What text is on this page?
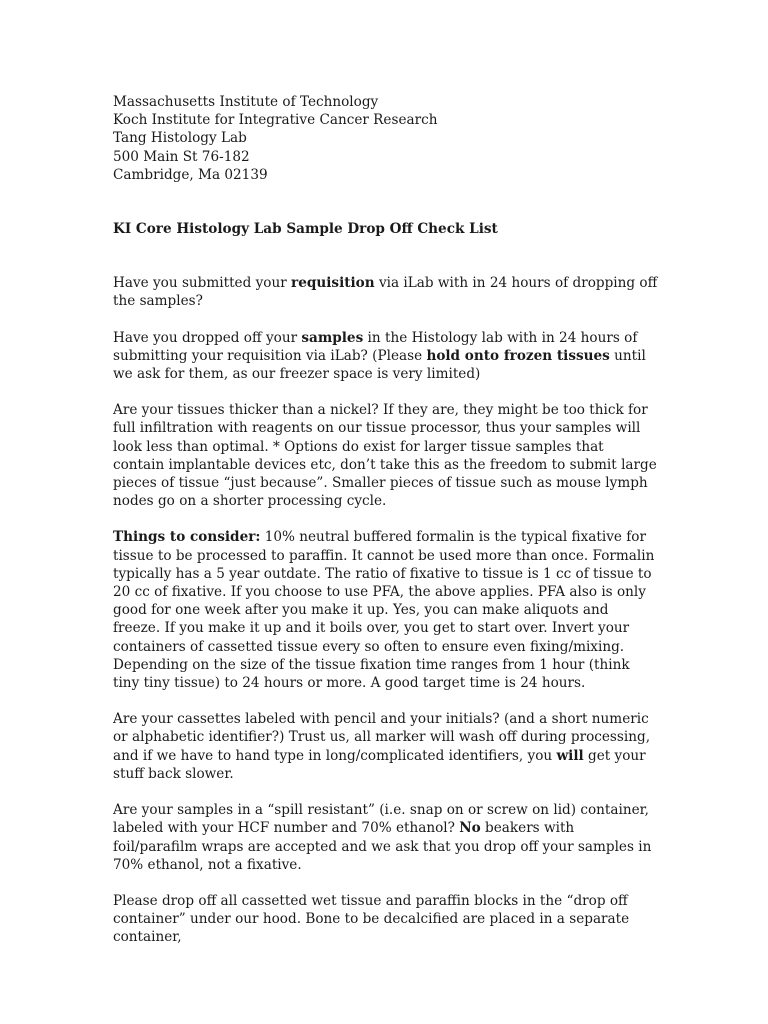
Massachusetts Institute of Technology

Koch Institute for Integrative Cancer Research

Tang Histology Lab

500 Main St 76-182

Cambridge, Ma 02139

KI Core Histology Lab Sample Drop Off Check List

Have you submitted your requisition via iLab with in 24 hours of dropping off the samples?

Have you dropped off your samples in the Histology lab with in 24 hours of submitting your requisition via iLab? (Please hold onto frozen tissues until we ask for them, as our freezer space is very limited)

Are your tissues thicker than a nickel? If they are, they might be too thick for full infiltration with reagents on our tissue processor, thus your samples will look less than optimal. * Options do exist for larger tissue samples that contain implantable devices etc, don’t take this as the freedom to submit large pieces of tissue “just because”. Smaller pieces of tissue such as mouse lymph nodes go on a shorter processing cycle.

Things to consider: 10% neutral buffered formalin is the typical fixative for tissue to be processed to paraffin. It cannot be used more than once. Formalin typically has a 5 year outdate. The ratio of fixative to tissue is 1 cc of tissue to 20 cc of fixative. If you choose to use PFA, the above applies. PFA also is only good for one week after you make it up. Yes, you can make aliquots and freeze. If you make it up and it boils over, you get to start over. Invert your containers of cassetted tissue every so often to ensure even fixing/mixing. Depending on the size of the tissue fixation time ranges from 1 hour (think tiny tiny tissue) to 24 hours or more. A good target time is 24 hours.

Are your cassettes labeled with pencil and your initials? (and a short numeric or alphabetic identifier?) Trust us, all marker will wash off during processing, and if we have to hand type in long/complicated identifiers, you will get your stuff back slower.

Are your samples in a “spill resistant” (i.e. snap on or screw on lid) container, labeled with your HCF number and 70% ethanol? No beakers with foil/parafilm wraps are accepted and we ask that you drop off your samples in 70% ethanol, not a fixative.

Please drop off all cassetted wet tissue and paraffin blocks in the “drop off container” under our hood. Bone to be decalcified are placed in a separate container,
